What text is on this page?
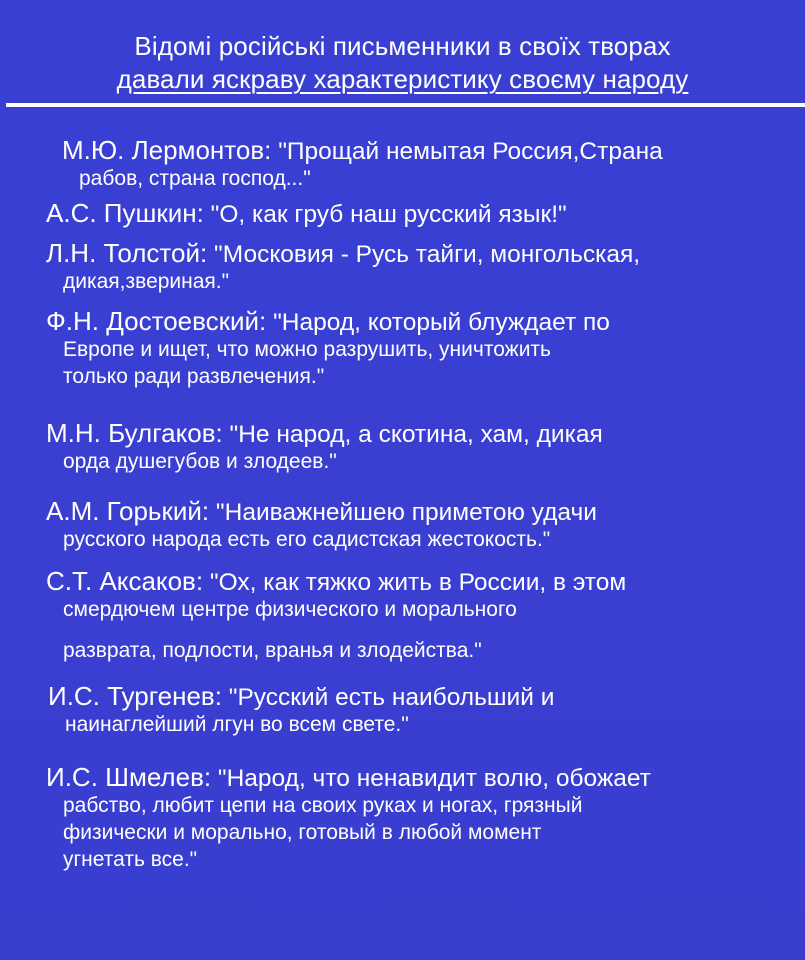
Відомі російські письменники в своїх творах
давали яскраву характеристику своєму народу
М.Ю. Лермонтов: "Прощай немытая Россия,Страна
рабов, страна господ..."
А.С. Пушкин: "О, как груб наш русский язык!"
Л.Н. Толстой: "Московия - Русь тайги, монгольская,
дикая,звериная."
Ф.Н. Достоевский: "Народ, который блуждает по
Европе и ищет, что можно разрушить, уничтожить
только ради развлечения."
М.Н. Булгаков: "Не народ, а скотина, хам, дикая
орда душегубов и злодеев."
А.М. Горький: "Наиважнейшею приметою удачи
русского народа есть его садистская жестокость."
С.Т. Аксаков: "Ох, как тяжко жить в России, в этом
смердючем центре физического и морального
разврата, подлости, вранья и злодейства."
И.С. Тургенев: "Русский есть наибольший и
наинаглейший лгун во всем свете."
И.С. Шмелев: "Народ, что ненавидит волю, обожает
рабство, любит цепи на своих руках и ногах, грязный
физически и морально, готовый в любой момент
угнетать все."
